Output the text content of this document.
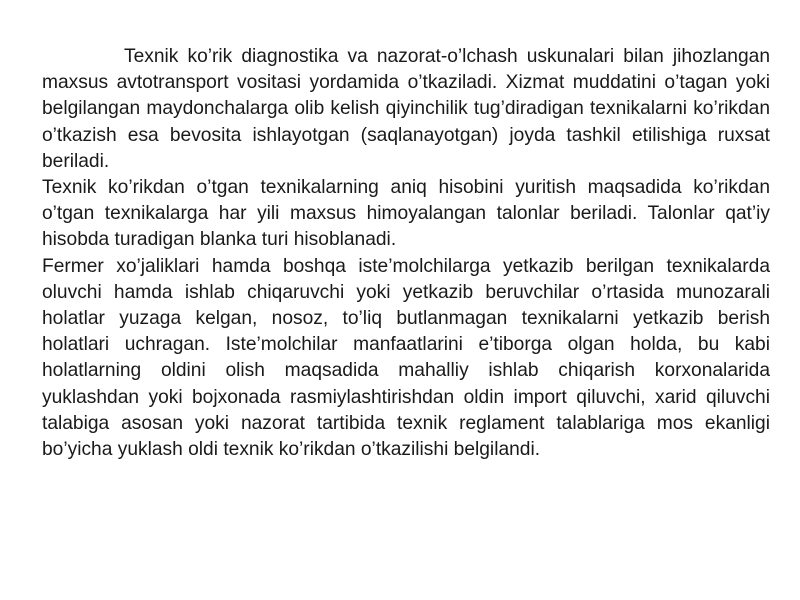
Texnik ko’rik diagnostika va nazorat-o’lchash uskunalari bilan jihozlangan maxsus avtotransport vositasi yordamida o’tkaziladi. Xizmat muddatini o’tagan yoki belgilangan maydonchalarga olib kelish qiyinchilik tug’diradigan texnikalarni ko’rikdan o’tkazish esa bevosita ishlayotgan (saqlanayotgan) joyda tashkil etilishiga ruxsat beriladi.

Texnik ko’rikdan o’tgan texnikalarning aniq hisobini yuritish maqsadida ko’rikdan o’tgan texnikalarga har yili maxsus himoyalangan talonlar beriladi. Talonlar qat’iy hisobda turadigan blanka turi hisoblanadi.

Fermer xo’jaliklari hamda boshqa iste’molchilarga yetkazib berilgan texnikalarda oluvchi hamda ishlab chiqaruvchi yoki yetkazib beruvchilar o’rtasida munozarali holatlar yuzaga kelgan, nosoz, to’liq butlanmagan texnikalarni yetkazib berish holatlari uchragan. Iste’molchilar manfaatlarini e’tiborga olgan holda, bu kabi holatlarning oldini olish maqsadida mahalliy ishlab chiqarish korxonalarida yuklashdan yoki bojxonada rasmiylashtirishdan oldin import qiluvchi, xarid qiluvchi talabiga asosan yoki nazorat tartibida texnik reglament talablariga mos ekanligi bo’yicha yuklash oldi texnik ko’rikdan o’tkazilishi belgilandi.
